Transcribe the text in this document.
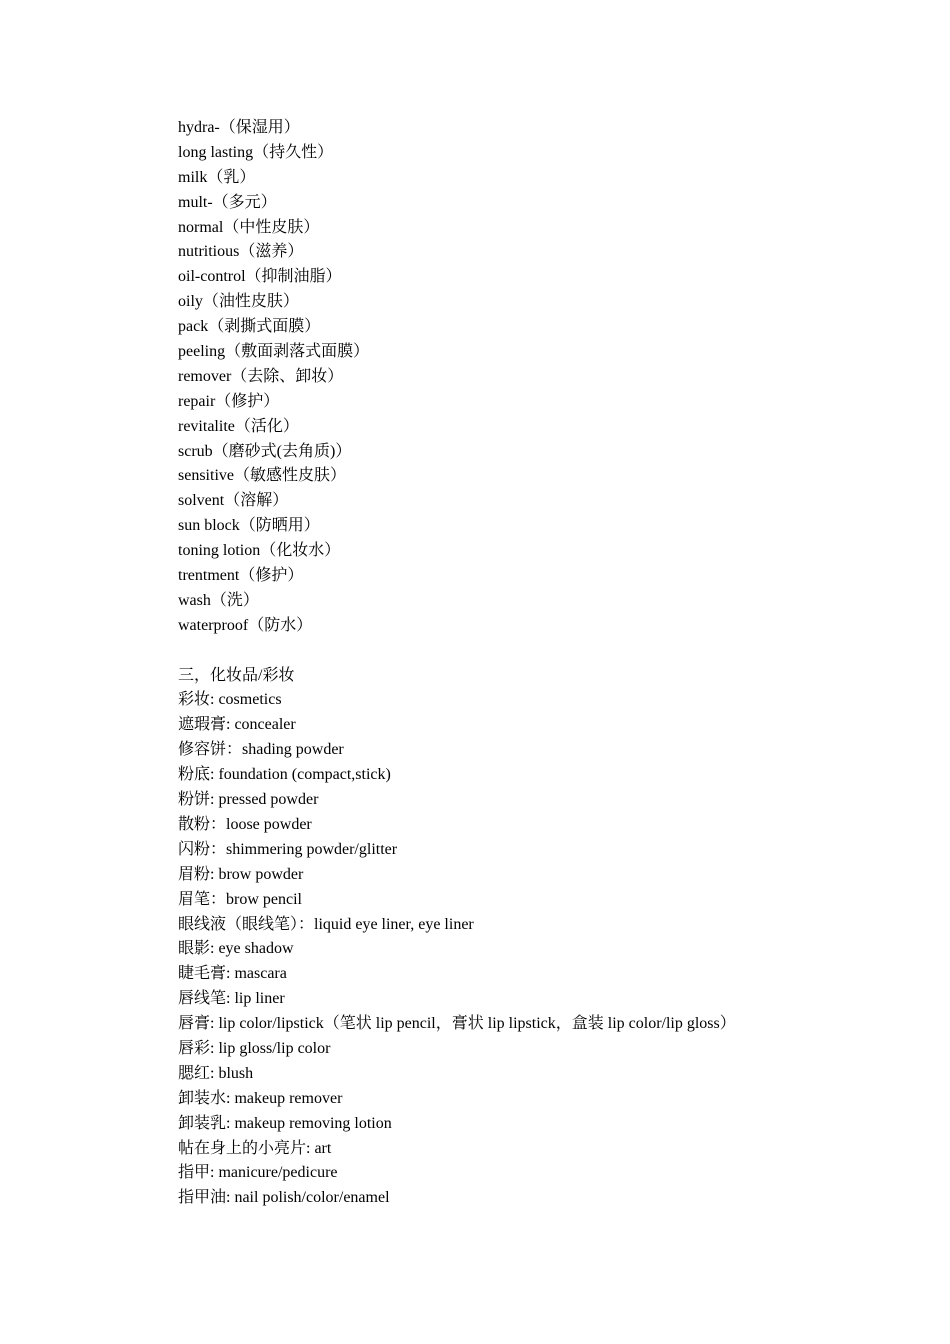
hydra-（保湿用）
long lasting（持久性）
milk（乳）
mult-（多元）
normal（中性皮肤）
nutritious（滋养）
oil-control（抑制油脂）
oily（油性皮肤）
pack（剥撕式面膜）
peeling（敷面剥落式面膜）
remover（去除、卸妆）
repair（修护）
revitalite（活化）
scrub（磨砂式(去角质)）
sensitive（敏感性皮肤）
solvent（溶解）
sun block（防晒用）
toning lotion（化妆水）
trentment（修护）
wash（洗）
waterproof（防水）
三，化妆品/彩妆
彩妆: cosmetics
遮瑕膏: concealer
修容饼：shading powder
粉底: foundation (compact,stick)
粉饼: pressed powder
散粉：loose powder
闪粉：shimmering powder/glitter
眉粉: brow powder
眉笔：brow pencil
眼线液（眼线笔）：liquid eye liner, eye liner
眼影: eye shadow
睫毛膏: mascara
唇线笔: lip liner
唇膏: lip color/lipstick（笔状 lip pencil，膏状 lip lipstick，盒装 lip color/lip gloss）
唇彩: lip gloss/lip color
腮红: blush
卸装水: makeup remover
卸装乳: makeup removing lotion
帖在身上的小亮片: art
指甲: manicure/pedicure
指甲油: nail polish/color/enamel
